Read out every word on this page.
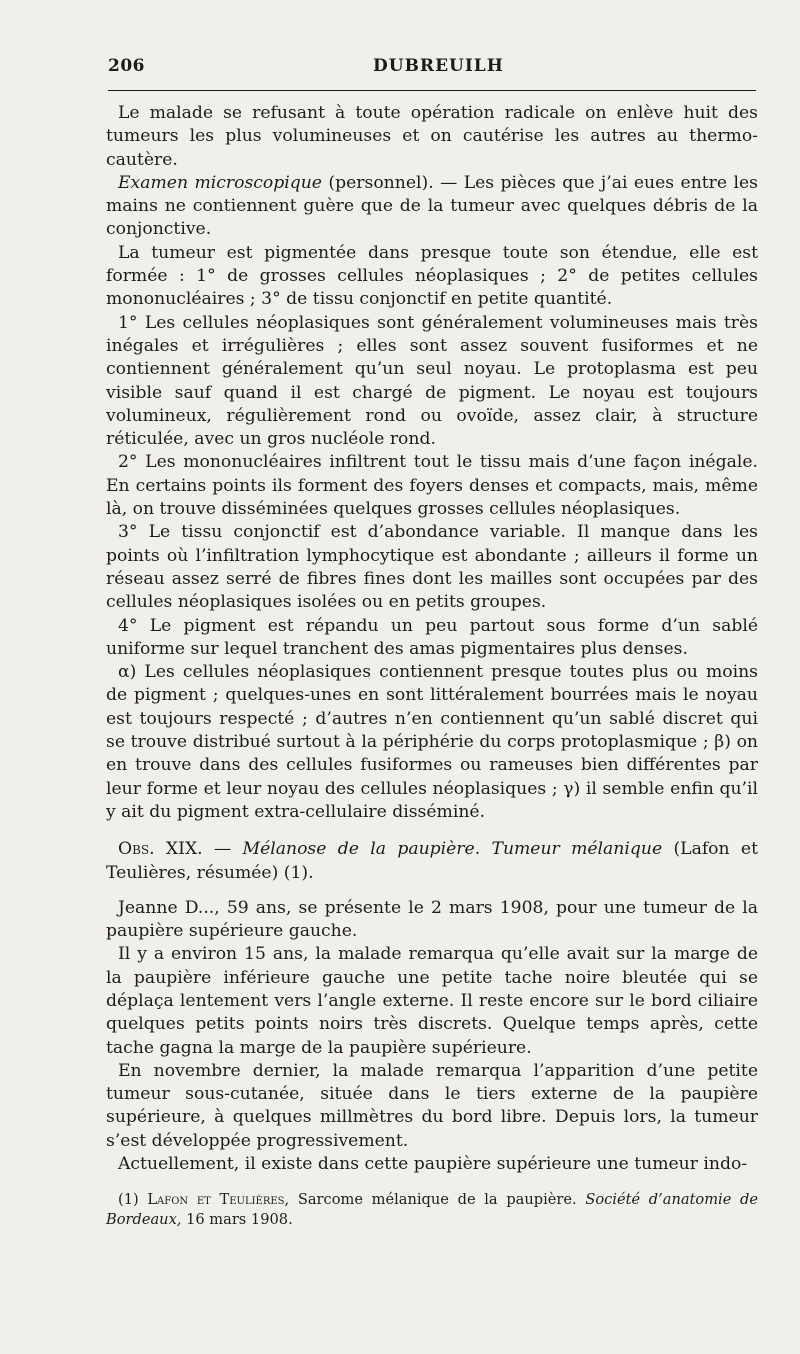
206	DUBREUILH

Le malade se refusant à toute opération radicale on enlève huit des tumeurs les plus volumineuses et on cautérise les autres au thermo-cautère.

Examen microscopique (personnel). — Les pièces que j’ai eues entre les mains ne contiennent guère que de la tumeur avec quelques débris de la conjonctive.

La tumeur est pigmentée dans presque toute son étendue, elle est formée : 1° de grosses cellules néoplasiques ; 2° de petites cellules mononucléaires ; 3° de tissu conjonctif en petite quantité.

1° Les cellules néoplasiques sont généralement volumineuses mais très inégales et irrégulières ; elles sont assez souvent fusiformes et ne contiennent généralement qu’un seul noyau. Le protoplasma est peu visible sauf quand il est chargé de pigment. Le noyau est toujours volumineux, régulièrement rond ou ovoïde, assez clair, à structure réticulée, avec un gros nucléole rond.

2° Les mononucléaires infiltrent tout le tissu mais d’une façon inégale. En certains points ils forment des foyers denses et compacts, mais, même là, on trouve disséminées quelques grosses cellules néoplasiques.

3° Le tissu conjonctif est d’abondance variable. Il manque dans les points où l’infiltration lymphocytique est abondante ; ailleurs il forme un réseau assez serré de fibres fines dont les mailles sont occupées par des cellules néoplasiques isolées ou en petits groupes.

4° Le pigment est répandu un peu partout sous forme d’un sablé uniforme sur lequel tranchent des amas pigmentaires plus denses.

α) Les cellules néoplasiques contiennent presque toutes plus ou moins de pigment ; quelques-unes en sont littéralement bourrées mais le noyau est toujours respecté ; d’autres n’en contiennent qu’un sablé discret qui se trouve distribué surtout à la périphérie du corps protoplasmique ; β) on en trouve dans des cellules fusiformes ou rameuses bien différentes par leur forme et leur noyau des cellules néoplasiques ; γ) il semble enfin qu’il y ait du pigment extra-cellulaire disséminé.

Obs. XIX. — Mélanose de la paupière. Tumeur mélanique (Lafon et Teulières, résumée) (1).

Jeanne D..., 59 ans, se présente le 2 mars 1908, pour une tumeur de la paupière supérieure gauche.

Il y a environ 15 ans, la malade remarqua qu’elle avait sur la marge de la paupière inférieure gauche une petite tache noire bleutée qui se déplaça lentement vers l’angle externe. Il reste encore sur le bord ciliaire quelques petits points noirs très discrets. Quelque temps après, cette tache gagna la marge de la paupière supérieure.

En novembre dernier, la malade remarqua l’apparition d’une petite tumeur sous-cutanée, située dans le tiers externe de la paupière supérieure, à quelques millmètres du bord libre. Depuis lors, la tumeur s’est développée progressivement.

Actuellement, il existe dans cette paupière supérieure une tumeur indo-

(1) Lafon et Teulières, Sarcome mélanique de la paupière. Société d’anatomie de Bordeaux, 16 mars 1908.
